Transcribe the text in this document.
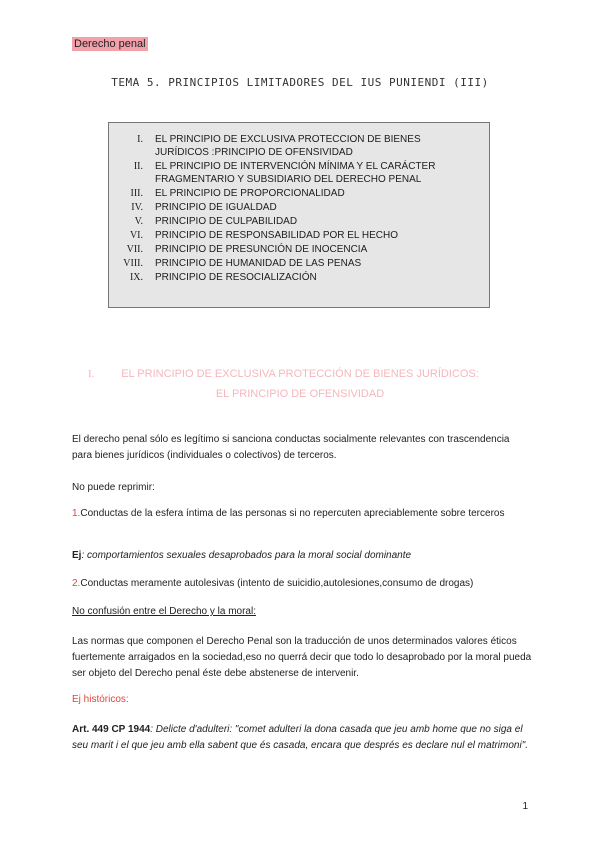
Derecho penal
TEMA 5. PRINCIPIOS LIMITADORES DEL IUS PUNIENDI (III)
I. EL PRINCIPIO DE EXCLUSIVA PROTECCION DE BIENES
JURÍDICOS :PRINCIPIO DE OFENSIVIDAD
II. EL PRINCIPIO DE INTERVENCIÓN MÍNIMA Y EL CARÁCTER
FRAGMENTARIO Y SUBSIDIARIO DEL DERECHO PENAL
III. EL PRINCIPIO DE PROPORCIONALIDAD
IV. PRINCIPIO DE IGUALDAD
V. PRINCIPIO DE CULPABILIDAD
VI. PRINCIPIO DE RESPONSABILIDAD POR EL HECHO
VII. PRINCIPIO DE PRESUNCIÓN DE INOCENCIA
VIII. PRINCIPIO DE HUMANIDAD DE LAS PENAS
IX. PRINCIPIO DE RESOCIALIZACIÓN
I.	EL PRINCIPIO DE EXCLUSIVA PROTECCIÓN DE BIENES JURÍDICOS:
EL PRINCIPIO DE OFENSIVIDAD
El derecho penal sólo es legítimo si sanciona conductas socialmente relevantes con trascendencia para bienes jurídicos (individuales o colectivos) de terceros.
No puede reprimir:
1.Conductas de la esfera íntima de las personas si no repercuten apreciablemente sobre terceros
Ej: comportamientos sexuales desaprobados para la moral social dominante
2.Conductas meramente autolesivas (intento de suicidio,autolesiones,consumo de drogas)
No confusión entre el Derecho y la moral:
Las normas que componen el Derecho Penal son la traducción de unos determinados valores éticos fuertemente arraigados en la sociedad,eso no querrá decir que todo lo desaprobado por la moral pueda ser objeto del Derecho penal éste debe abstenerse de intervenir.
Ej históricos:
Art. 449 CP 1944: Delicte d'adulteri: "comet adulteri la dona casada que jeu amb home que no siga el seu marit i el que jeu amb ella sabent que és casada, encara que després es declare nul el matrimoni".
1
